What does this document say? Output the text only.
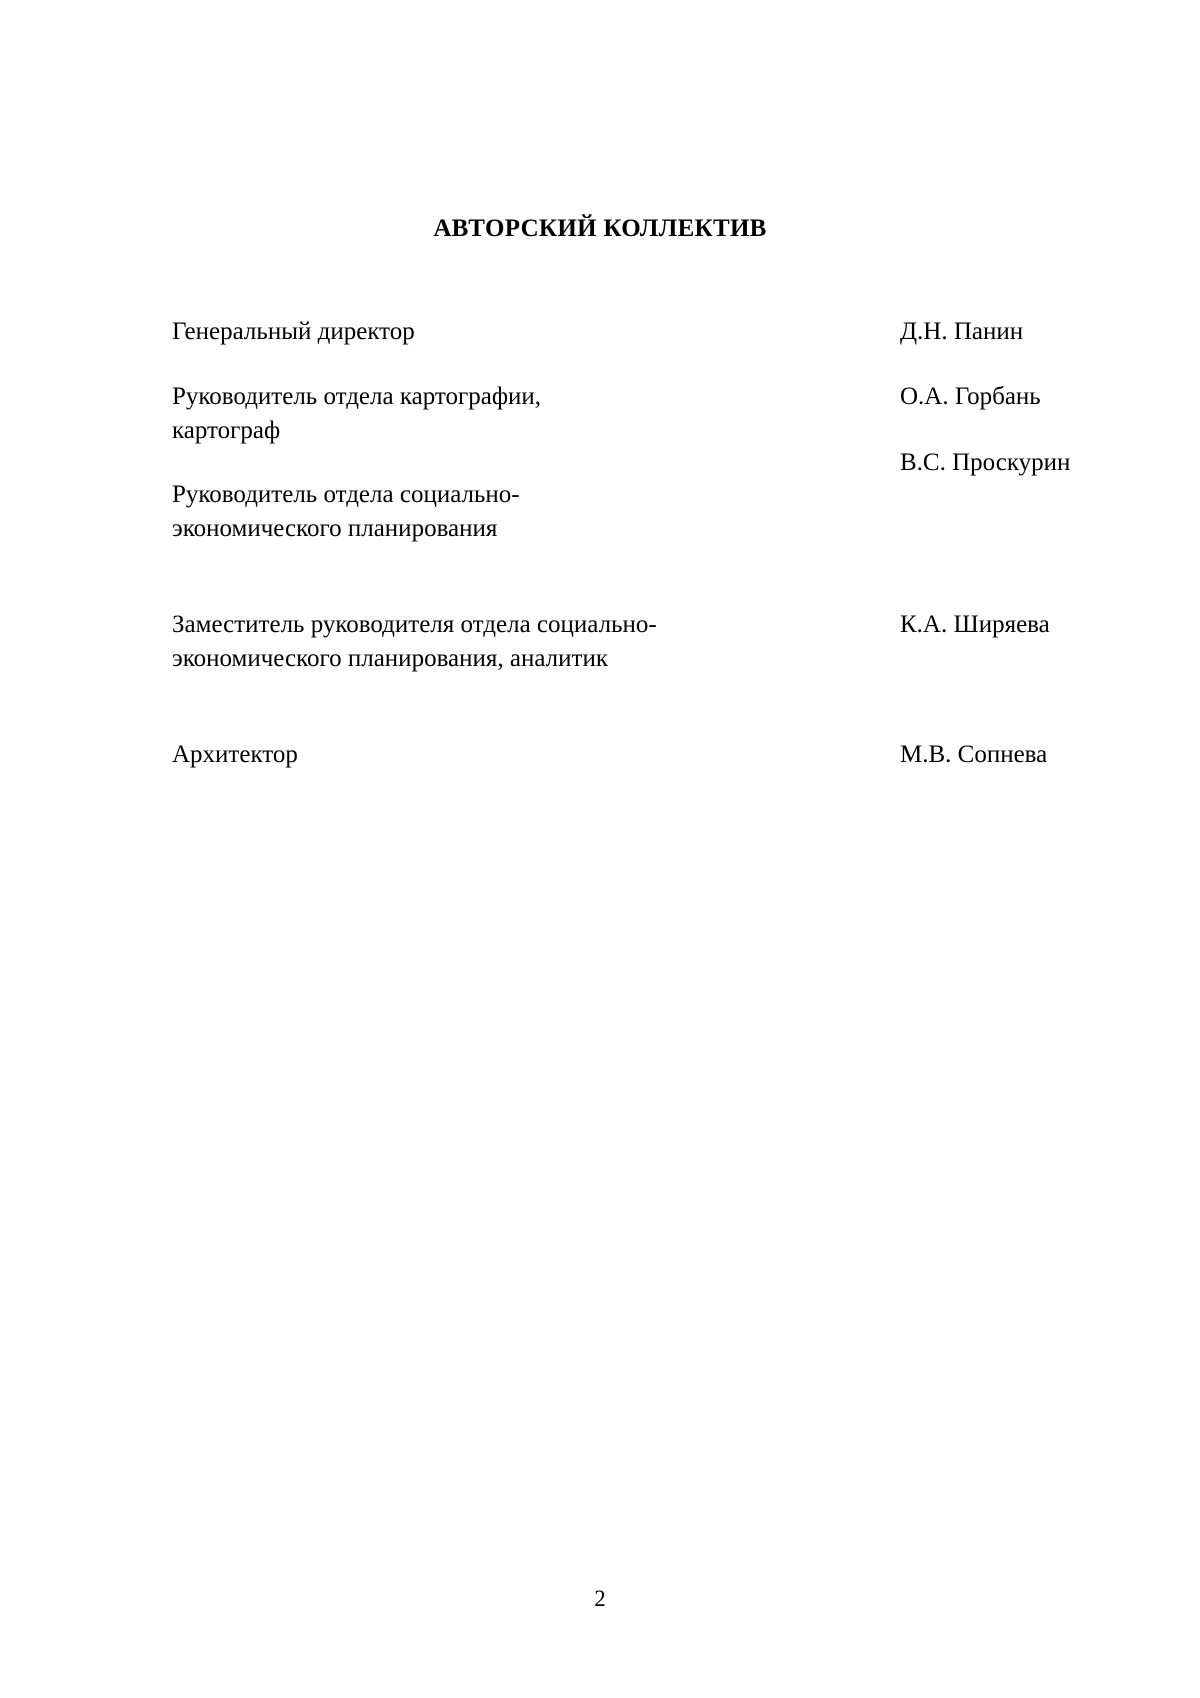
АВТОРСКИЙ КОЛЛЕКТИВ
Генеральный директор	Д.Н. Панин
Руководитель отдела картографии,
картограф
О.А. Горбань
Руководитель отдела социально-
экономического планирования
В.С. Проскурин
Заместитель руководителя отдела социально-
экономического планирования, аналитик
К.А. Ширяева
Архитектор	М.В. Сопнева
2
